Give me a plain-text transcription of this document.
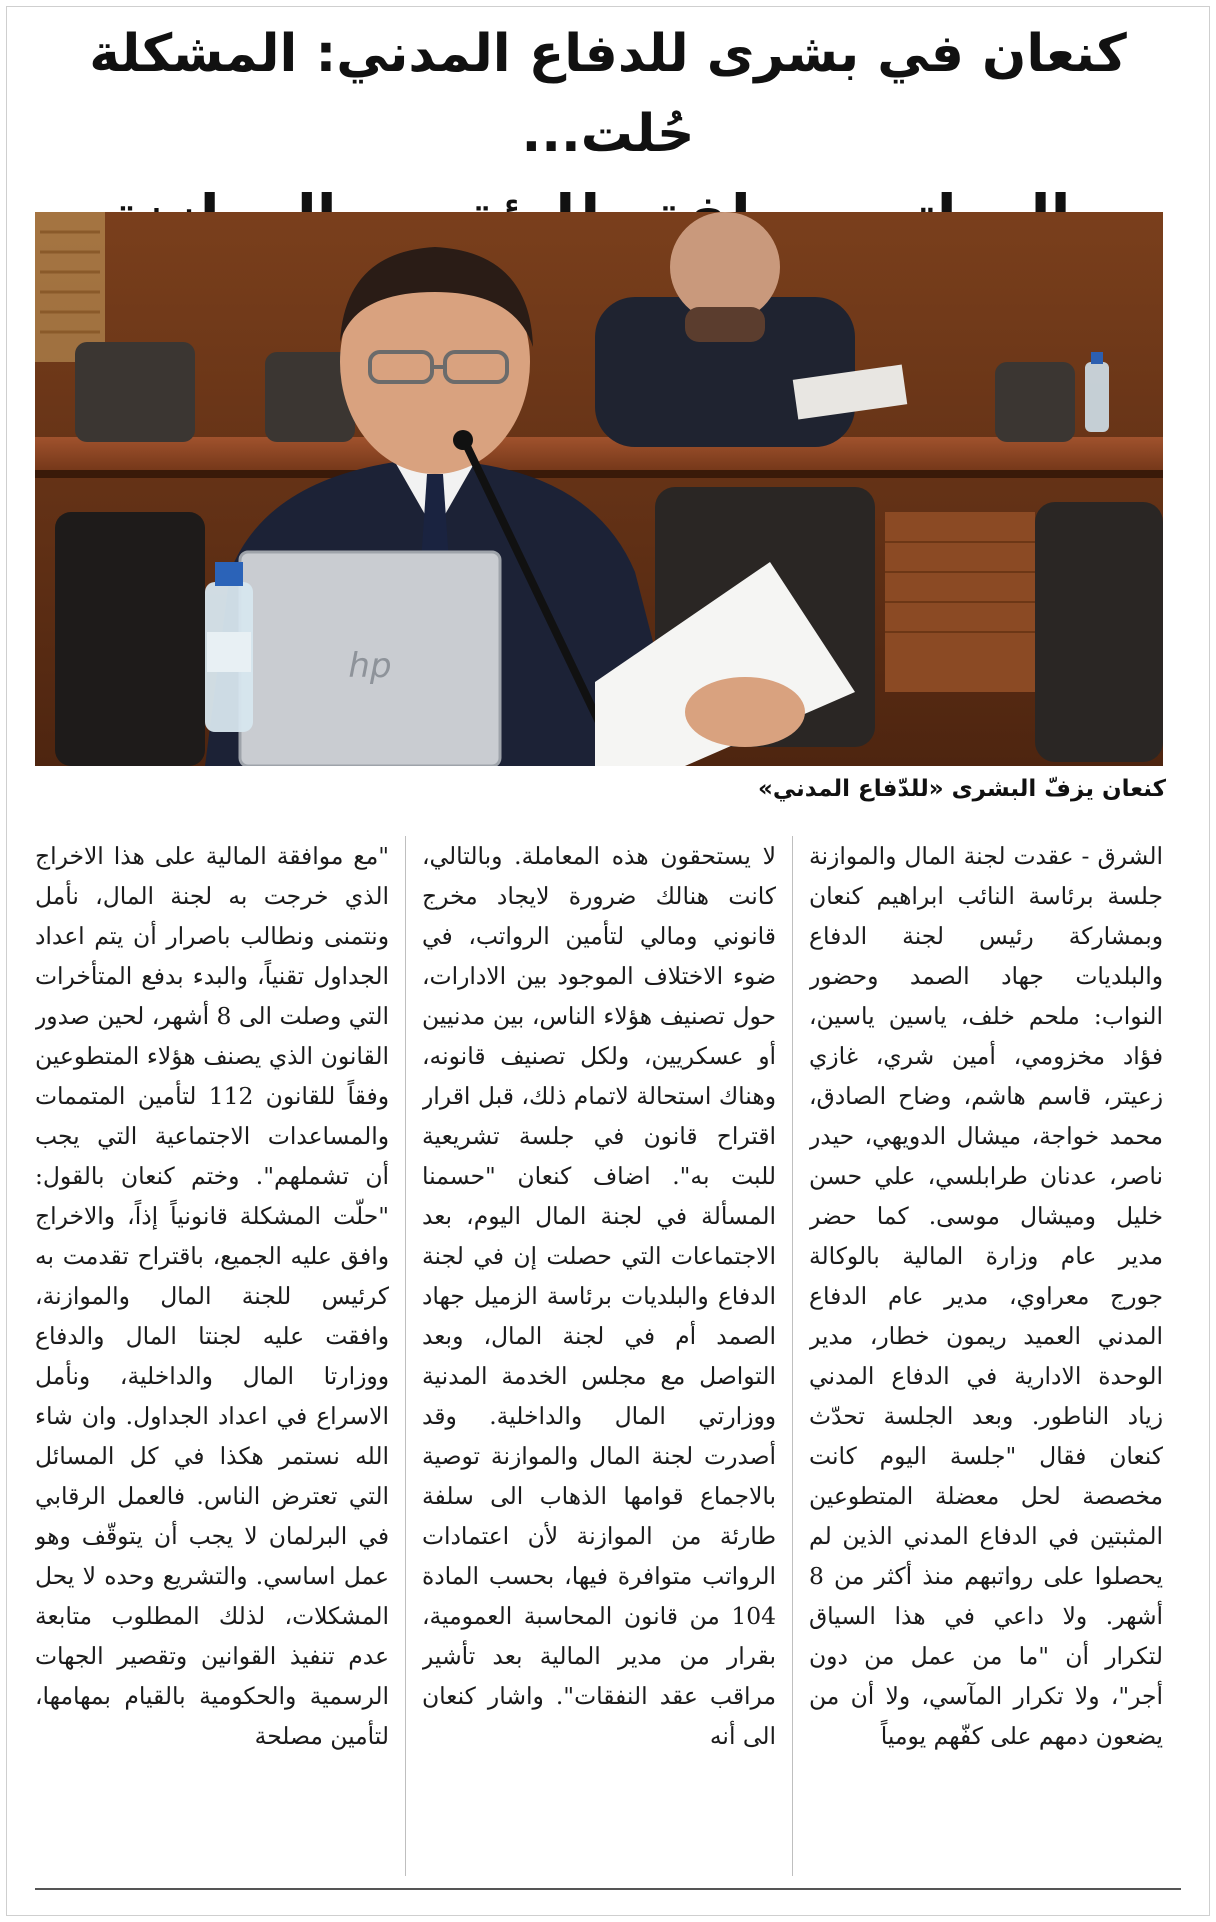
كنعان في بشرى للدفاع المدني: المشكلة حُلت...
hp
كنعان يزفّ البشرى «للدّفاع المدني»
الشرق - عقدت لجنة المال والموازنة جلسة برئاسة النائب ابراهيم كنعان وبمشاركة رئيس لجنة الدفاع والبلديات جهاد الصمد وحضور النواب: ملحم خلف، ياسين ياسين، فؤاد مخزومي، أمين شري، غازي زعيتر، قاسم هاشم، وضاح الصادق، محمد خواجة، ميشال الدويهي، حيدر ناصر، عدنان طرابلسي، علي حسن خليل وميشال موسى. كما حضر مدير عام وزارة المالية بالوكالة جورج معراوي، مدير عام الدفاع المدني العميد ريمون خطار، مدير الوحدة الادارية في الدفاع المدني زياد الناطور. وبعد الجلسة تحدّث كنعان فقال "جلسة اليوم كانت مخصصة لحل معضلة المتطوعين المثبتين في الدفاع المدني الذين لم يحصلوا على رواتبهم منذ أكثر من 8 أشهر. ولا داعي في هذا السياق لتكرار أن "ما من عمل من دون أجر"، ولا تكرار المآسي، ولا أن من يضعون دمهم على كفّهم يومياً
لا يستحقون هذه المعاملة. وبالتالي، كانت هنالك ضرورة لايجاد مخرج قانوني ومالي لتأمين الرواتب، في ضوء الاختلاف الموجود بين الادارات، حول تصنيف هؤلاء الناس، بين مدنيين أو عسكريين، ولكل تصنيف قانونه، وهناك استحالة لاتمام ذلك، قبل اقرار اقتراح قانون في جلسة تشريعية للبت به". اضاف كنعان "حسمنا المسألة في لجنة المال اليوم، بعد الاجتماعات التي حصلت إن في لجنة الدفاع والبلديات برئاسة الزميل جهاد الصمد أم في لجنة المال، وبعد التواصل مع مجلس الخدمة المدنية ووزارتي المال والداخلية. وقد أصدرت لجنة المال والموازنة توصية بالاجماع قوامها الذهاب الى سلفة طارئة من الموازنة لأن اعتمادات الرواتب متوافرة فيها، بحسب المادة 104 من قانون المحاسبة العمومية، بقرار من مدير المالية بعد تأشير مراقب عقد النفقات". واشار كنعان الى أنه
"مع موافقة المالية على هذا الاخراج الذي خرجت به لجنة المال، نأمل ونتمنى ونطالب باصرار أن يتم اعداد الجداول تقنياً، والبدء بدفع المتأخرات التي وصلت الى 8 أشهر، لحين صدور القانون الذي يصنف هؤلاء المتطوعين وفقاً للقانون 112 لتأمين المتممات والمساعدات الاجتماعية التي يجب أن تشملهم". وختم كنعان بالقول: "حلّت المشكلة قانونياً إذاً، والاخراج وافق عليه الجميع، باقتراح تقدمت به كرئيس للجنة المال والموازنة، وافقت عليه لجنتا المال والدفاع ووزارتا المال والداخلية، ونأمل الاسراع في اعداد الجداول. وان شاء الله نستمر هكذا في كل المسائل التي تعترض الناس. فالعمل الرقابي في البرلمان لا يجب أن يتوقّف وهو عمل اساسي. والتشريع وحده لا يحل المشكلات، لذلك المطلوب متابعة عدم تنفيذ القوانين وتقصير الجهات الرسمية والحكومية بالقيام بمهامها، لتأمين مصلحة
